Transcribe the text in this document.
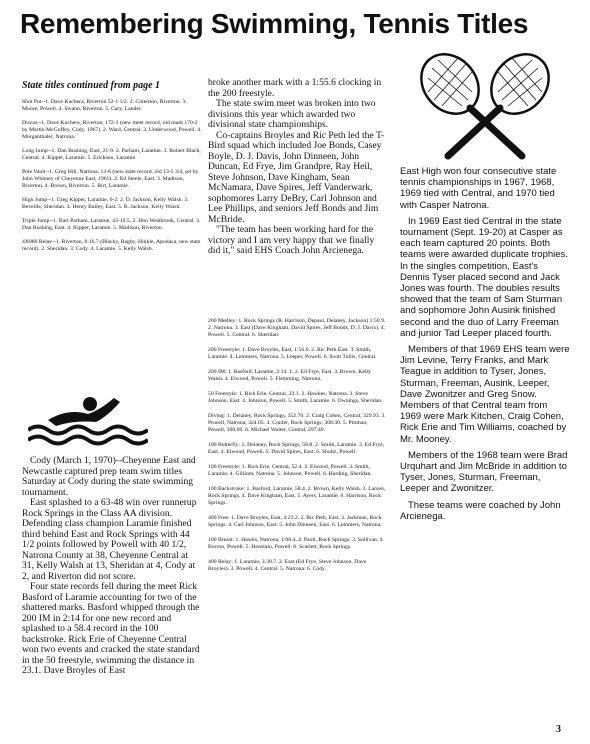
Remembering Swimming, Tennis Titles
State titles continued from page 1
Shot Put--1. Dave Kuchera, Riverton 52-1 1/2. 2. Cotterton, Riverton. 3. Moore, Powell. 4. Swann, Riverton. 5. Cary, Lander.
Discus--1. Dave Kuchera, Riverton, 172-3 (new meet record, old mark 170-2 by Martin McGuffey, Cody, 1967). 2. Ward, Central. 3. Underwood, Powell. 4. Morganthaler, Natrona.
Long Jump--1. Dan Rushing, East, 21-9. 2. Parham, Laramie. 3. Robert Black, Central. 4. Kipper, Laramie. 5. Erickson, Laramie.
Pole Vault--1. Greg Hill, Natrona, 13-6 (new state record, old 13-5 3/4, set by John Whitney of Cheyenne East, 1961). 2. Ed Steele, East. 3. Madison, Riverton. 4. Brown, Riverton. 5. Birt, Laramie.
High Jump--1. Greg Kipper, Laramie, 6-2. 2. D. Jackson, Kelly Walsh. 3. Beveille, Sheridan. 4. Henry Bailey, East. 5. R. Jackson, Kelly Walsh.
Triple Jump--1. Bart Parham, Laramie, 43-10.5. 2. Don Westbrook, Central. 3. Dan Rushing, East. 4. Kipper, Laramie. 5. Madison, Riverton.
4X880 Relay--1. Riverton, 8:16.7 (Blacky, Bagby, Hinkle, Apodaca, new state record). 2. Sheridan. 3. Cody. 4. Laramie. 5. Kelly Walsh.

Cody (March 1, 1970)--Cheyenne East and Newcastle captured prep team swim titles Saturday at Cody during the state swimming tournament.

East splashed to a 63-48 win over runnerup Rock Springs in the Class AA division. Defending class champion Laramie finished third behind East and Rock Springs with 44 1/2 points followed by Powell with 40 1/2, Natrona County at 38, Cheyenne Central at 31, Kelly Walsh at 13, Sheridan at 4, Cody at 2, and Riverton did not score.

Four state records fell during the meet Rick Basford of Laramie accounting for two of the shattered marks. Basford whipped through the 200 IM in 2:14 for one new record and splashed to a 58.4 record in the 100 backstroke. Rick Erie of Cheyenne Central won two events and cracked the state standard in the 50 freestyle, swimming the distance in 23.1. Dave Broyles of East

broke another mark with a 1:55.6 clocking in the 200 freestyle.

The state swim meet was broken into two divisions this year which awarded two divisional state championships.

Co-captains Broyles and Ric Peth led the T-Bird squad which included Joe Bonds, Casey Boyle, D. J. Davis, John Dinneen, John Duncan, Ed Frye, Jim Grandpre, Ray Heil, Steve Johnson, Dave Kingham, Sean McNamara, Dave Spires, Jeff Vanderwark, sophomores Larry DeBry, Carl Johnson and Lee Phillips, and seniors Jeff Bonds and Jim McBride.

"The team has been working hard for the victory and I am very happy that we finally did it," said EHS Coach John Arcienega.

200 Medley: 1. Rock Springs (R. Harrison, Depaul, Delaney, Jackson) 1:50.9. 2. Natrona. 3. East (Dave Kingham, David Spires, Jeff Bonds, D. J. Davis). 4. Powell. 5. Central. 6. Sheridan.
200 Freestyle: 1. Dave Broyles, East, 1:56.6. 2. Ric Peth East. 3. Smith, Laramie. 4. Lemmers, Natrona. 5. Leeper, Powell. 6. Scott Tullis, Central.
200 IM: 1. Basford, Laramie, 2:14. 1. 2. Ed Frye, East. 3. Brown, Kelly Walsh. 4. Elwood, Powell. 5. Flemming, Natrona.
50 Freestyle: 1. Rich Erie, Central, 23.1. 2. Hawkes, Natrona. 3. Steve Johnson, East. 4. Johnson, Powell. 5. Smith, Laramie. 6. Ownings, Sheridan.
Diving: 1. Delaney, Rock Springs, 352.70. 2. Craig Cohen, Central, 329.93. 3. Prucell, Natrona, 324.05. 4. Confer, Rock Springs, 308.30. 5. Pittman, Powell, 300.90. 6. Michael Walter, Central, 297.40.
100 Butterfly: 1. Delaney, Rock Springs, 58.8. 2. Smith, Laramie. 3. Ed Frye, East. 4. Elwood, Powell. 5. David Spires, East. 6. Shultz, Powell.
100 Freestyle: 1. Rich Erie, Central, 52.4. 2. Elwood, Powell. 3. Smith, Laramie. 4. Gillium, Natrona. 5. Johnson, Powell. 6. Harding, Sheridan.
100 Backstroke: 1. Basford, Laramie, 58.4. 2. Brown, Kelly Walsh. 3. Larsen, Rock Springs. 4. Dave Kingham, East. 5. Ayers, Laramie. 6. Harrison, Rock Springs.
400 Free: 1. Dave Broyles, East, 4:23.2. 2. Ric Peth, East. 3. Jackman, Rock Springs. 4. Carl Johnson, East. 5. John Dinneen, East. 6. Lemmers, Natrona.
100 Breast: 1. Hawks, Natrona, 1:08.4. 2. Paoli, Rock Springs. 3. Sullivan, 4. Borron, Powell. 5. Honstain, Powell. 6. Scarlett, Rock Springs.
400 Relay: 1. Laramie, 3:38.7. 2. East (Ed Frye, Steve Johnson, Dave Broyles). 3. Powell. 4. Central. 5. Natrona. 6. Cody.

East High won four consecutive state tennis championships in 1967, 1968, 1969 tied with Central, and 1970 tied with Casper Natrona.

In 1969 East tied Central in the state tournament (Sept. 19-20) at Casper as each team captured 20 points. Both teams were awarded duplicate trophies. In the singles competition, East's Dennis Tyser placed second and Jack Jones was fourth. The doubles results showed that the team of Sam Sturman and sophomore John Ausink finished second and the duo of Larry Freeman and junior Tad Leeper placed fourth.

Members of that 1969 EHS team were Jim Levine, Terry Franks, and Mark Teague in addition to Tyser, Jones, Sturman, Freeman, Ausink, Leeper, Dave Zwonitzer and Greg Snow. Members of that Central team from 1969 were Mark Kitchen, Craig Cohen, Rick Erie and Tim Williams, coached by Mr. Mooney.

Members of the 1968 team were Brad Urquhart and Jim McBride in addition to Tyser, Jones, Sturman, Freeman, Leeper and Zwonitzer.

These teams were coached by John Arcienega.

3
